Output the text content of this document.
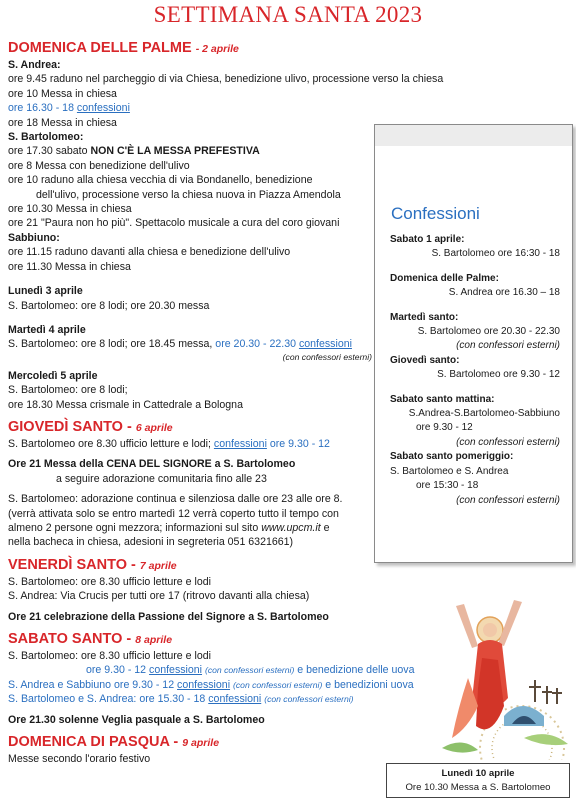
SETTIMANA SANTA 2023
DOMENICA DELLE PALME - 2 aprile
S. Andrea:
ore 9.45 raduno nel parcheggio di via Chiesa, benedizione ulivo, processione verso la chiesa
ore 10 Messa in chiesa
ore 16.30 - 18 confessioni
ore 18 Messa in chiesa
S. Bartolomeo:
ore 17.30 sabato NON C'È LA MESSA PREFESTIVA
ore 8 Messa con benedizione dell'ulivo
ore 10 raduno alla chiesa vecchia di via Bondanello, benedizione
dell'ulivo, processione verso la chiesa nuova in Piazza Amendola
ore 10.30 Messa in chiesa
ore 21 "Paura non ho più". Spettacolo musicale a cura del coro giovani
Sabbiuno:
ore 11.15 raduno davanti alla chiesa e benedizione dell'ulivo
ore 11.30 Messa in chiesa
Lunedì 3 aprile
S. Bartolomeo: ore 8 lodi; ore 20.30 messa
Martedì 4 aprile
S. Bartolomeo: ore 8 lodi; ore 18.45 messa, ore 20.30 - 22.30 confessioni
(con confessori esterni)
Mercoledì 5 aprile
S. Bartolomeo: ore 8 lodi;
ore 18.30 Messa crismale in Cattedrale a Bologna
GIOVEDÌ SANTO - 6 aprile
S. Bartolomeo ore 8.30 ufficio letture e lodi; confessioni ore 9.30 - 12
Ore 21 Messa della CENA DEL SIGNORE a S. Bartolomeo
a seguire adorazione comunitaria fino alle 23
S. Bartolomeo: adorazione continua e silenziosa dalle ore 23 alle ore 8.
(verrà attivata solo se entro martedì 12 verrà coperto tutto il tempo con
almeno 2 persone ogni mezzora; informazioni sul sito www.upcm.it e
nella bacheca in chiesa, adesioni in segreteria 051 6321661)
VENERDÌ SANTO - 7 aprile
S. Bartolomeo: ore 8.30 ufficio letture e lodi
S. Andrea: Via Crucis per tutti ore 17 (ritrovo davanti alla chiesa)
Ore 21 celebrazione della Passione del Signore a S. Bartolomeo
SABATO SANTO - 8 aprile
S. Bartolomeo: ore 8.30 ufficio letture e lodi
ore 9.30 - 12 confessioni (con confessori esterni) e benedizione delle uova
S. Andrea e Sabbiuno ore 9.30 - 12 confessioni (con confessori esterni) e benedizioni uova
S. Bartolomeo e S. Andrea: ore 15.30 - 18 confessioni (con confessori esterni)
Ore 21.30 solenne Veglia pasquale a S. Bartolomeo
DOMENICA DI PASQUA - 9 aprile
Messe secondo l'orario festivo
Confessioni
Sabato 1 aprile:
S. Bartolomeo ore 16:30 - 18
Domenica delle Palme:
S. Andrea ore 16.30 – 18
Martedì santo:
S. Bartolomeo ore 20.30 - 22.30
(con confessori esterni)
Giovedì santo:
S. Bartolomeo ore 9.30 - 12
Sabato santo mattina:
S.Andrea-S.Bartolomeo-Sabbiuno
ore 9.30 - 12
(con confessori esterni)
Sabato santo pomeriggio:
S. Bartolomeo e S. Andrea
ore 15:30 - 18
(con confessori esterni)
Lunedì 10 aprile
Ore 10.30 Messa a S. Bartolomeo
